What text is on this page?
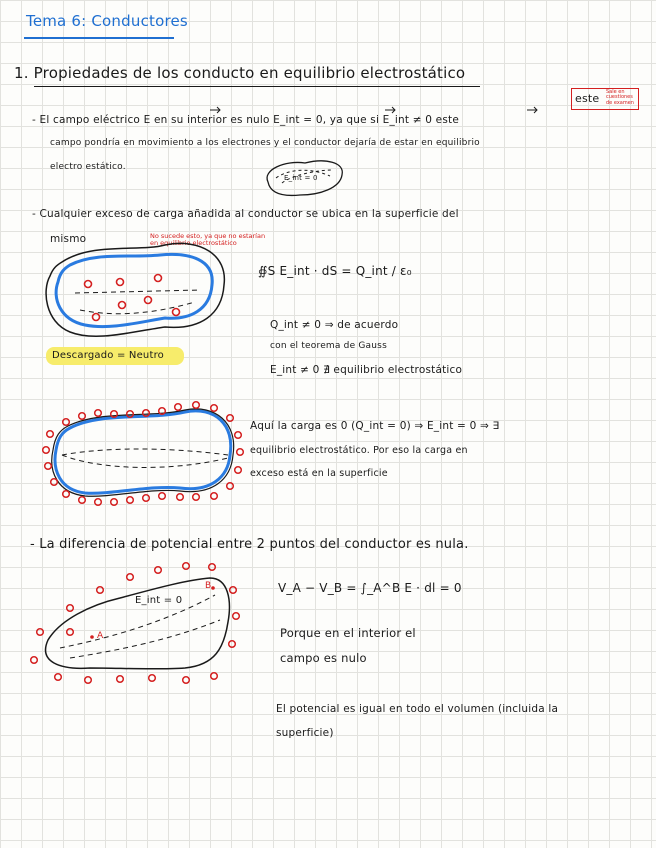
Tema 6: Conductores
1. Propiedades de los conducto en equilibrio electrostático
este Sale en cuestiones de examen
- El campo eléctrico E en su interior es nulo E_int = 0, ya que si E_int ≠ 0 este
campo pondría en movimiento a los electrones y el conductor dejaría de estar en equilibrio
electro estático.
- Cualquier exceso de carga añadida al conductor se ubica en la superficie del
mismo	No sucede esto, ya que no estarían en equilibrio electrostático
∯S E_int · dS = Q_int / ε₀
Q_int ≠ 0 ⇒ de acuerdo
con el teorema de Gauss
E_int ≠ 0 ∄ equilibrio electrostático
Descargado = Neutro
Aquí la carga es 0 (Q_int = 0) ⇒ E_int = 0 ⇒ ∃
equilibrio electrostático. Por eso la carga en
exceso está en la superficie
- La diferencia de potencial entre 2 puntos del conductor es nula.
V_A − V_B = ∫_A^B E · dl = 0
Porque en el interior el
campo es nulo
El potencial es igual en todo el volumen (incluida la
superficie)
E_int = 0
A
B
E_int = 0
